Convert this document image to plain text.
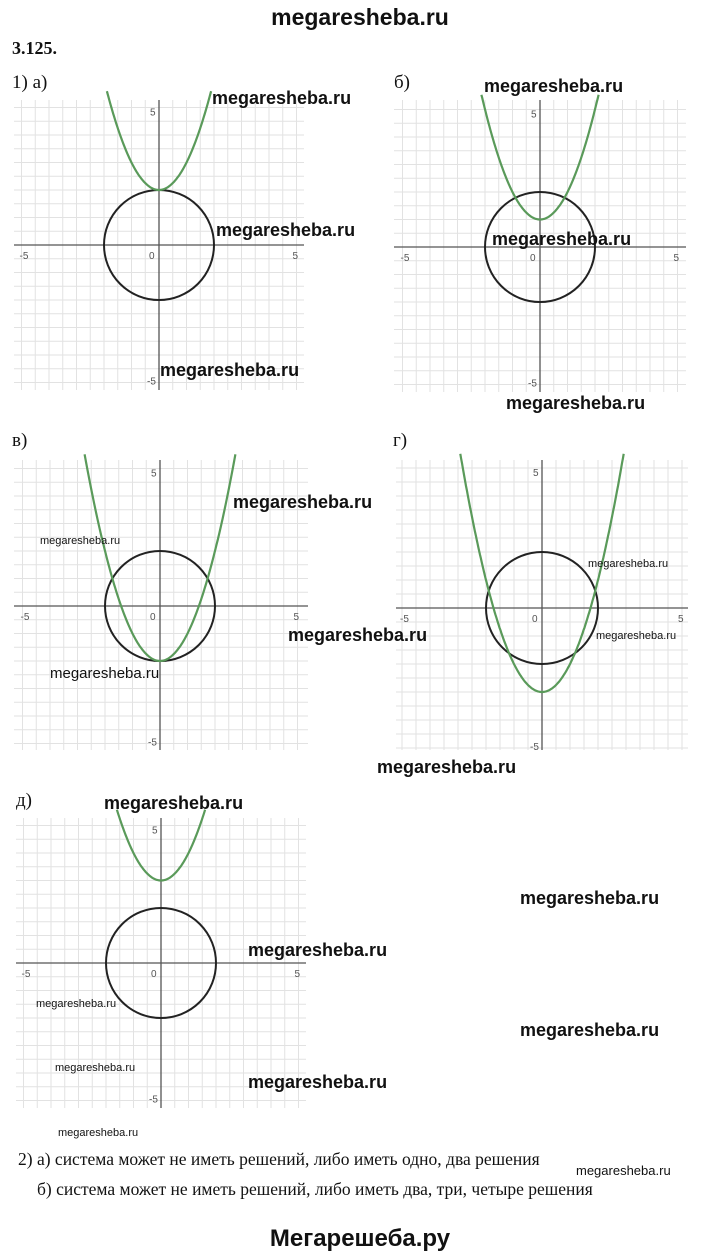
megaresheba.ru
3.125.
1) а)	б)
в)	г)
д)
-5	0	5
5
-5
-5	0	5
5
-5
-5	0	5
5
-5
-5	0	5
5
-5
-5	0	5
5
-5
megaresheba.ru
megaresheba.ru
megaresheba.ru	megaresheba.ru
megaresheba.ru
megaresheba.ru
megaresheba.ru
megaresheba.ru
megaresheba.ru
megaresheba.ru
megaresheba.ru
megaresheba.ru
megaresheba.ru
megaresheba.ru
megaresheba.ru
megaresheba.ru
megaresheba.ru
megaresheba.ru
megaresheba.ru
megaresheba.ru
megaresheba.ru
megaresheba.ru
2) а) система может не иметь решений, либо иметь одно, два решения
б) система может не иметь решений, либо иметь два, три, четыре решения
Мегарешеба.ру
